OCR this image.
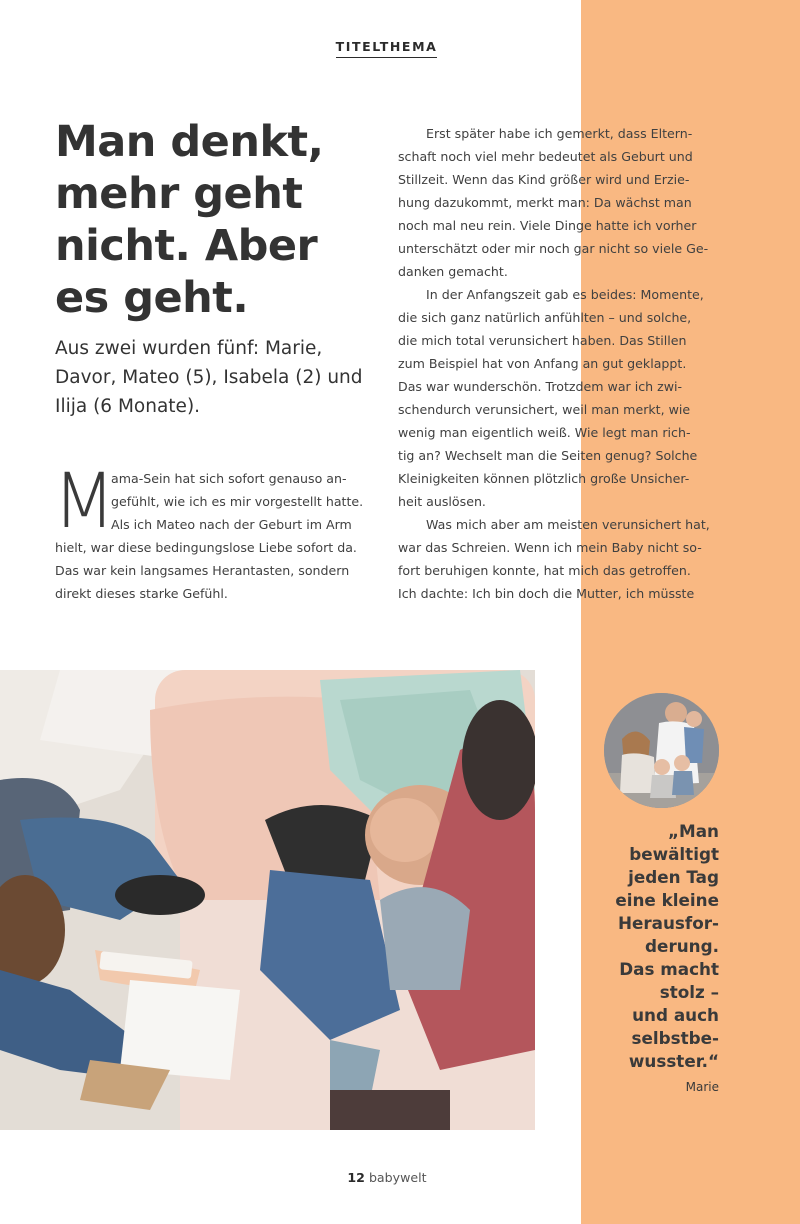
TITELTHEMA
Man denkt,
mehr geht
nicht. Aber
es geht.
Aus zwei wurden fünf: Marie,
Davor, Mateo (5), Isabela (2) und
Ilija (6 Monate).
M
ama-Sein hat sich sofort genauso an-
gefühlt, wie ich es mir vorgestellt hatte.
Als ich Mateo nach der Geburt im Arm
hielt, war diese bedingungslose Liebe sofort da.
Das war kein langsames Herantasten, sondern
direkt dieses starke Gefühl.
Erst später habe ich gemerkt, dass Eltern-
schaft noch viel mehr bedeutet als Geburt und
Stillzeit. Wenn das Kind größer wird und Erzie-
hung dazukommt, merkt man: Da wächst man
noch mal neu rein. Viele Dinge hatte ich vorher
unterschätzt oder mir noch gar nicht so viele Ge-
danken gemacht.
In der Anfangszeit gab es beides: Momente,
die sich ganz natürlich anfühlten – und solche,
die mich total verunsichert haben. Das Stillen
zum Beispiel hat von Anfang an gut geklappt.
Das war wunderschön. Trotzdem war ich zwi-
schendurch verunsichert, weil man merkt, wie
wenig man eigentlich weiß. Wie legt man rich-
tig an? Wechselt man die Seiten genug? Solche
Kleinigkeiten können plötzlich große Unsicher-
heit auslösen.
Was mich aber am meisten verunsichert hat,
war das Schreien. Wenn ich mein Baby nicht so-
fort beruhigen konnte, hat mich das getroffen.
Ich dachte: Ich bin doch die Mutter, ich müsste
„Man
bewältigt
jeden Tag
eine kleine
Herausfor-
derung.
Das macht
stolz –
und auch
selbstbe-
wusster.“
Marie
12 babywelt
